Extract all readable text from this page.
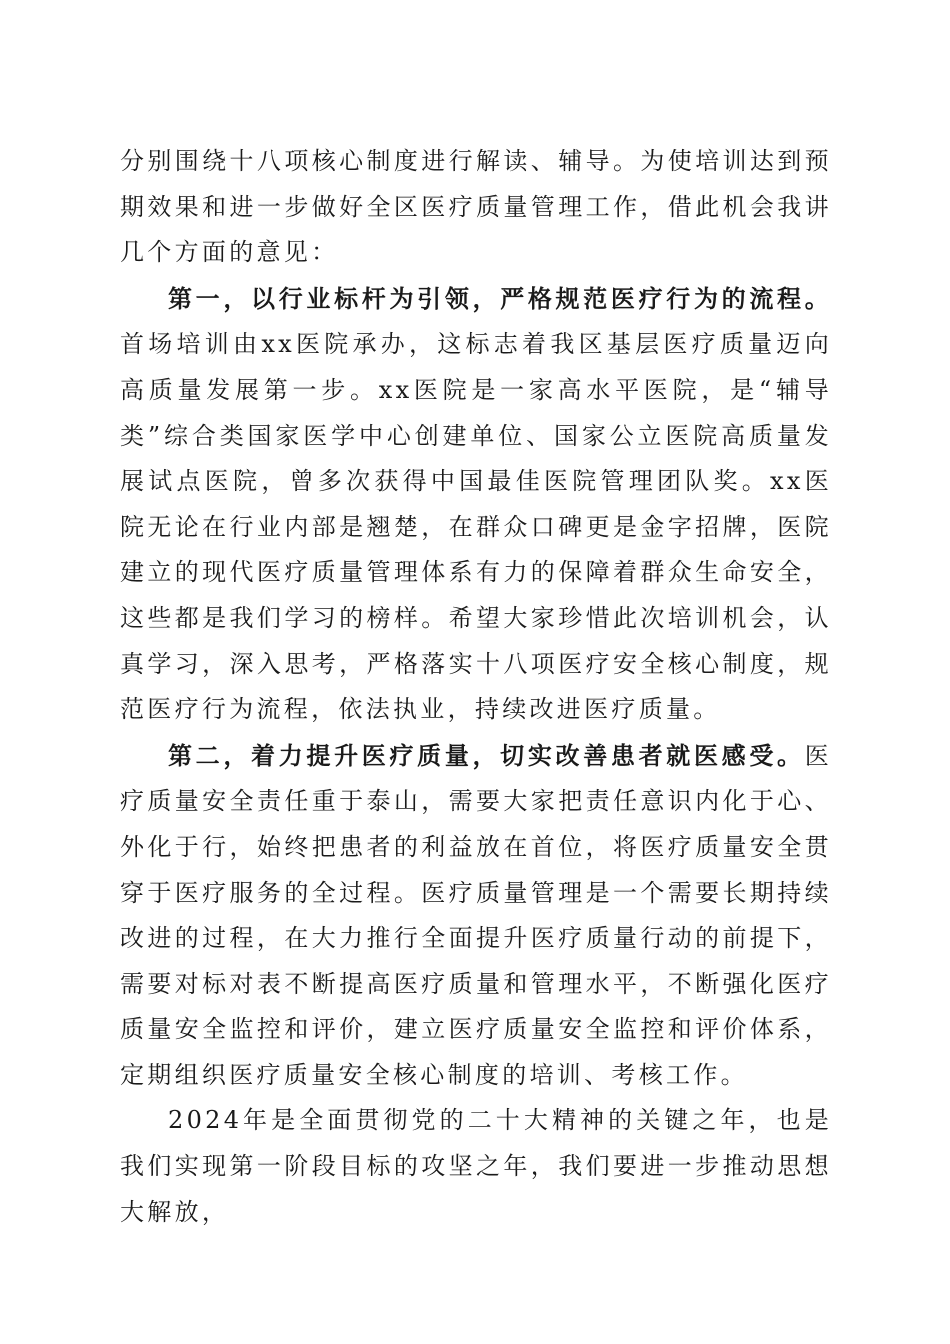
分别围绕十八项核心制度进行解读、辅导。为使培训达到预期效果和进一步做好全区医疗质量管理工作，借此机会我讲几个方面的意见：

第一，以行业标杆为引领，严格规范医疗行为的流程。首场培训由xx医院承办，这标志着我区基层医疗质量迈向高质量发展第一步。xx医院是一家高水平医院，是“辅导类”综合类国家医学中心创建单位、国家公立医院高质量发展试点医院，曾多次获得中国最佳医院管理团队奖。xx医院无论在行业内部是翘楚，在群众口碑更是金字招牌，医院建立的现代医疗质量管理体系有力的保障着群众生命安全，这些都是我们学习的榜样。希望大家珍惜此次培训机会，认真学习，深入思考，严格落实十八项医疗安全核心制度，规范医疗行为流程，依法执业，持续改进医疗质量。

第二，着力提升医疗质量，切实改善患者就医感受。医疗质量安全责任重于泰山，需要大家把责任意识内化于心、外化于行，始终把患者的利益放在首位，将医疗质量安全贯穿于医疗服务的全过程。医疗质量管理是一个需要长期持续改进的过程，在大力推行全面提升医疗质量行动的前提下，需要对标对表不断提高医疗质量和管理水平，不断强化医疗质量安全监控和评价，建立医疗质量安全监控和评价体系，定期组织医疗质量安全核心制度的培训、考核工作。

2024年是全面贯彻党的二十大精神的关键之年，也是我们实现第一阶段目标的攻坚之年，我们要进一步推动思想大解放，
